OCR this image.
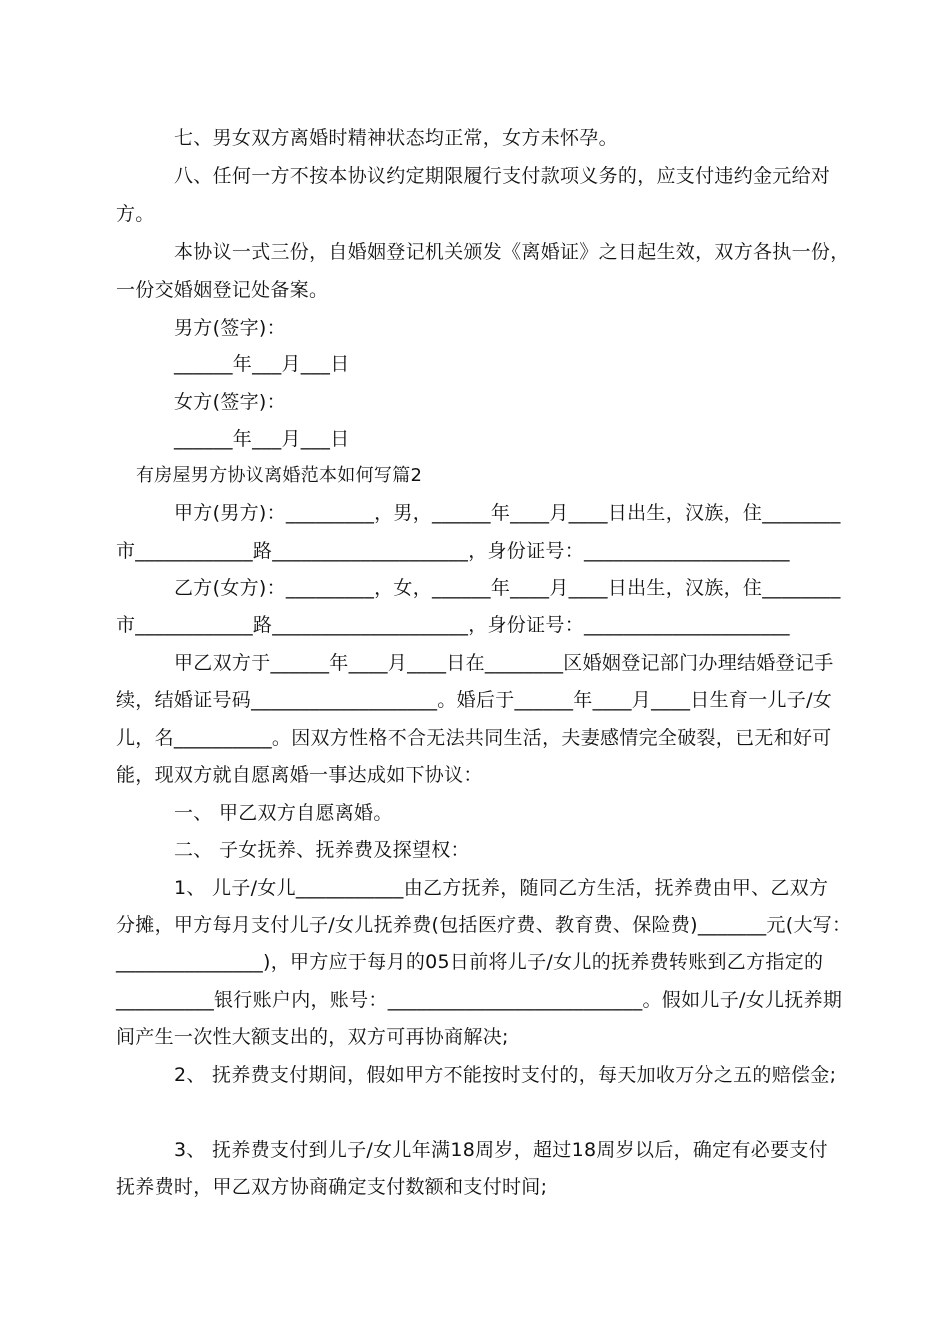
七、男女双方离婚时精神状态均正常，女方未怀孕。
八、任何一方不按本协议约定期限履行支付款项义务的，应支付违约金元给对
方。
本协议一式三份，自婚姻登记机关颁发《离婚证》之日起生效，双方各执一份，
一份交婚姻登记处备案。
男方(签字)：
______年___月___日
女方(签字)：
______年___月___日
有房屋男方协议离婚范本如何写篇2
甲方(男方)：_________，男，______年____月____日出生，汉族，住________
市____________路____________________，身份证号：_____________________
乙方(女方)：_________，女，______年____月____日出生，汉族，住________
市____________路____________________，身份证号：_____________________
甲乙双方于______年____月____日在________区婚姻登记部门办理结婚登记手
续，结婚证号码___________________。婚后于______年____月____日生育一儿子/女
儿，名__________。因双方性格不合无法共同生活，夫妻感情完全破裂，已无和好可
能，现双方就自愿离婚一事达成如下协议：
一、 甲乙双方自愿离婚。
二、 子女抚养、抚养费及探望权：
1、 儿子/女儿___________由乙方抚养，随同乙方生活，抚养费由甲、乙双方
分摊，甲方每月支付儿子/女儿抚养费(包括医疗费、教育费、保险费)_______元(大写：
_______________)，甲方应于每月的05日前将儿子/女儿的抚养费转账到乙方指定的
__________银行账户内，账号：__________________________。假如儿子/女儿抚养期
间产生一次性大额支出的，双方可再协商解决;
2、 抚养费支付期间，假如甲方不能按时支付的，每天加收万分之五的赔偿金;
3、 抚养费支付到儿子/女儿年满18周岁，超过18周岁以后，确定有必要支付
抚养费时，甲乙双方协商确定支付数额和支付时间;
